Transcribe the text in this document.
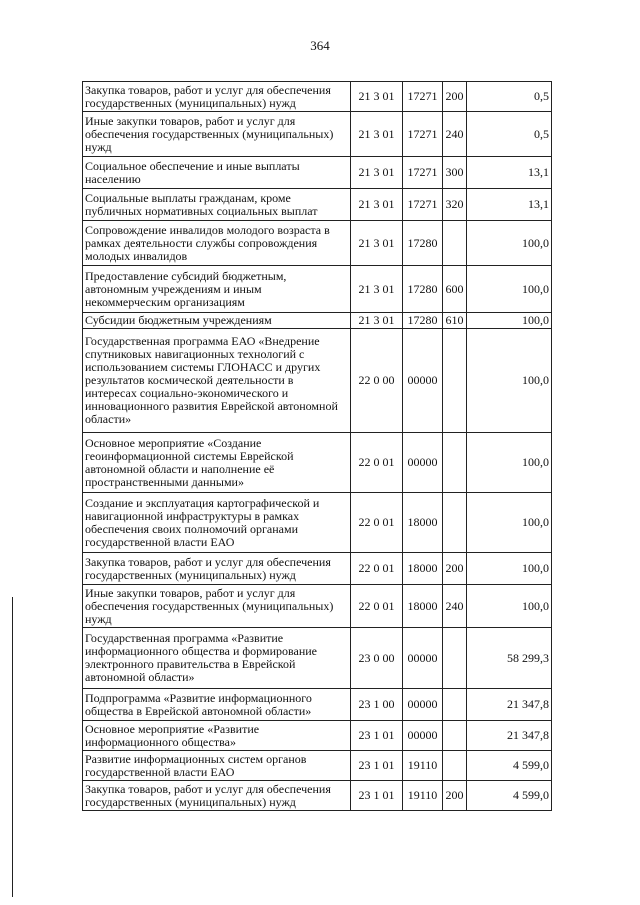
364
Закупка товаров, работ и услуг для обеспечения государственных (муниципальных) нужд	21 3 01	17271	200	0,5
Иные закупки товаров, работ и услуг для обеспечения государственных (муниципальных) нужд	21 3 01	17271	240	0,5
Социальное обеспечение и иные выплаты населению	21 3 01	17271	300	13,1
Социальные выплаты гражданам, кроме публичных нормативных социальных выплат	21 3 01	17271	320	13,1
Сопровождение инвалидов молодого возраста в рамках деятельности службы сопровождения молодых инвалидов	21 3 01	17280		100,0
Предоставление субсидий бюджетным, автономным учреждениям и иным некоммерческим организациям	21 3 01	17280	600	100,0
Субсидии бюджетным учреждениям	21 3 01	17280	610	100,0
Государственная программа ЕАО «Внедрение спутниковых навигационных технологий с использованием системы ГЛОНАСС и других результатов космической деятельности в интересах социально-экономического и инновационного развития Еврейской автономной области»	22 0 00	00000		100,0
Основное мероприятие «Создание геоинформационной системы Еврейской автономной области и наполнение её пространственными данными»	22 0 01	00000		100,0
Создание и эксплуатация картографической и навигационной инфраструктуры в рамках обеспечения своих полномочий органами государственной власти ЕАО	22 0 01	18000		100,0
Закупка товаров, работ и услуг для обеспечения государственных (муниципальных) нужд	22 0 01	18000	200	100,0
Иные закупки товаров, работ и услуг для обеспечения государственных (муниципальных) нужд	22 0 01	18000	240	100,0
Государственная программа «Развитие информационного общества и формирование электронного правительства в Еврейской автономной области»	23 0 00	00000		58 299,3
Подпрограмма «Развитие информационного общества в Еврейской автономной области»	23 1 00	00000		21 347,8
Основное мероприятие «Развитие информационного общества»	23 1 01	00000		21 347,8
Развитие информационных систем органов государственной власти ЕАО	23 1 01	19110		4 599,0
Закупка товаров, работ и услуг для обеспечения государственных (муниципальных) нужд	23 1 01	19110	200	4 599,0
